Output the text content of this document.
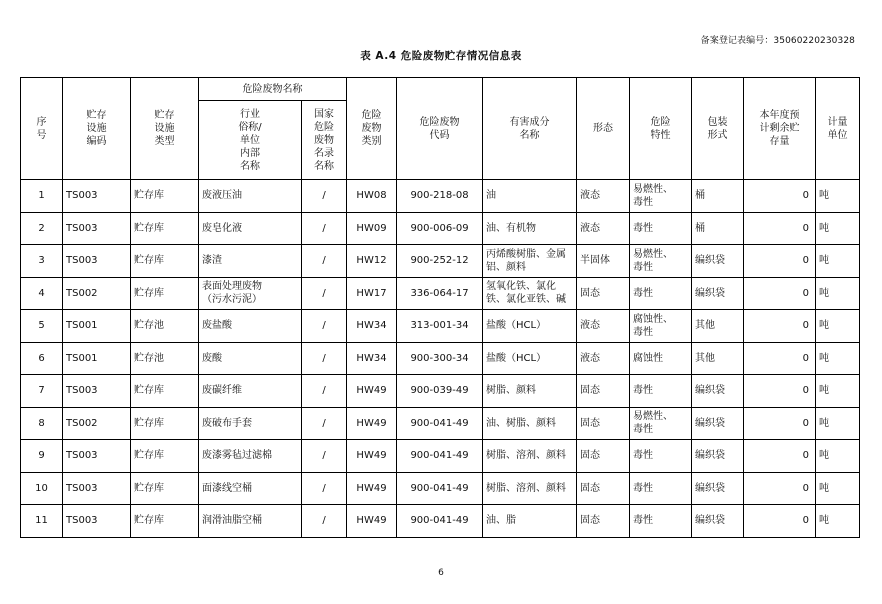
备案登记表编号：35060220230328
表 A.4 危险废物贮存情况信息表
序
号	贮存
设施
编码	贮存
设施
类型	危险废物名称		危险
废物
类别	危险废物
代码	有害成分
名称	形态	危险
特性	包装
形式	本年度预
计剩余贮
存量	计量
单位
			行业
俗称/
单位
内部
名称	国家
危险
废物
名录
名称								
1	TS003	贮存库	废液压油	/	HW08	900-218-08	油	液态	易燃性、
毒性	桶	0	吨
2	TS003	贮存库	废皂化液	/	HW09	900-006-09	油、有机物	液态	毒性	桶	0	吨
3	TS003	贮存库	漆渣	/	HW12	900-252-12	丙烯酸树脂、金属铝、颜料	半固体	易燃性、
毒性	编织袋	0	吨
4	TS002	贮存库	表面处理废物
（污水污泥）	/	HW17	336-064-17	氢氧化铁、氯化铁、氯化亚铁、碱	固态	毒性	编织袋	0	吨
5	TS001	贮存池	废盐酸	/	HW34	313-001-34	盐酸（HCL）	液态	腐蚀性、
毒性	其他	0	吨
6	TS001	贮存池	废酸	/	HW34	900-300-34	盐酸（HCL）	液态	腐蚀性	其他	0	吨
7	TS003	贮存库	废碳纤维	/	HW49	900-039-49	树脂、颜料	固态	毒性	编织袋	0	吨
8	TS002	贮存库	废破布手套	/	HW49	900-041-49	油、树脂、颜料	固态	易燃性、
毒性	编织袋	0	吨
9	TS003	贮存库	废漆雾毡过滤棉	/	HW49	900-041-49	树脂、溶剂、颜料	固态	毒性	编织袋	0	吨
10	TS003	贮存库	面漆线空桶	/	HW49	900-041-49	树脂、溶剂、颜料	固态	毒性	编织袋	0	吨
11	TS003	贮存库	润滑油脂空桶	/	HW49	900-041-49	油、脂	固态	毒性	编织袋	0	吨
6
